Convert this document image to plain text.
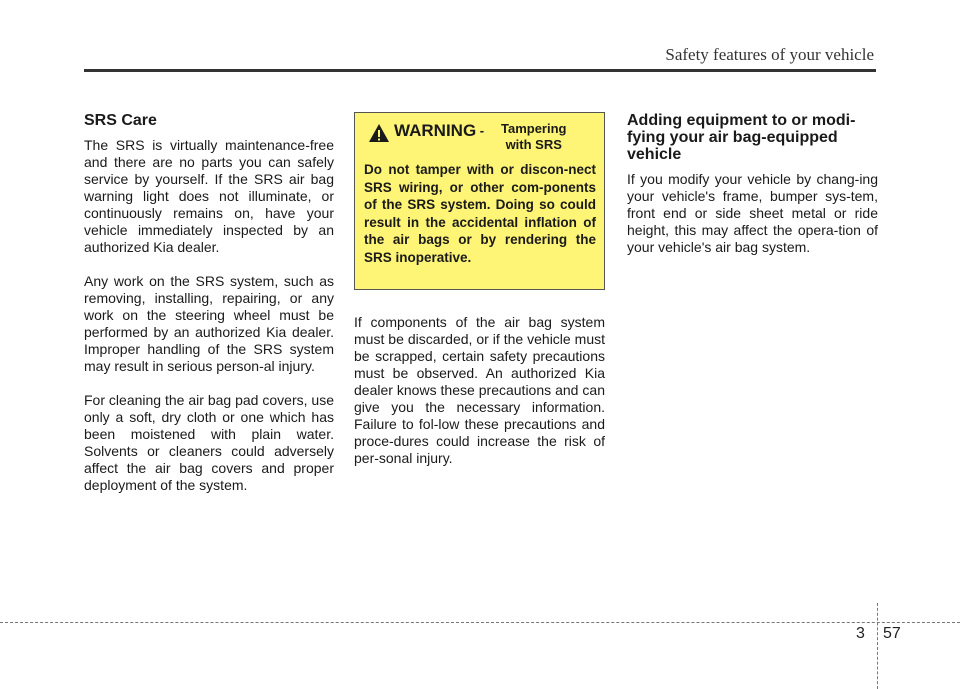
Safety features of your vehicle
SRS Care

The SRS is virtually maintenance-free and there are no parts you can safely service by yourself. If the SRS air bag warning light does not illuminate, or continuously remains on, have your vehicle immediately inspected by an authorized Kia dealer.

Any work on the SRS system, such as removing, installing, repairing, or any work on the steering wheel must be performed by an authorized Kia dealer. Improper handling of the SRS system may result in serious person-al injury.

For cleaning the air bag pad covers, use only a soft, dry cloth or one which has been moistened with plain water. Solvents or cleaners could adversely affect the air bag covers and proper deployment of the system.

WARNING -	Tampering with SRS
Do not tamper with or discon-nect SRS wiring, or other com-ponents of the SRS system. Doing so could result in the accidental inflation of the air bags or by rendering the SRS inoperative.

If components of the air bag system must be discarded, or if the vehicle must be scrapped, certain safety precautions must be observed. An authorized Kia dealer knows these precautions and can give you the necessary information. Failure to fol-low these precautions and proce-dures could increase the risk of per-sonal injury.

Adding equipment to or modi-fying your air bag-equipped vehicle

If you modify your vehicle by chang-ing your vehicle's frame, bumper sys-tem, front end or side sheet metal or ride height, this may affect the opera-tion of your vehicle's air bag system.

3 57
